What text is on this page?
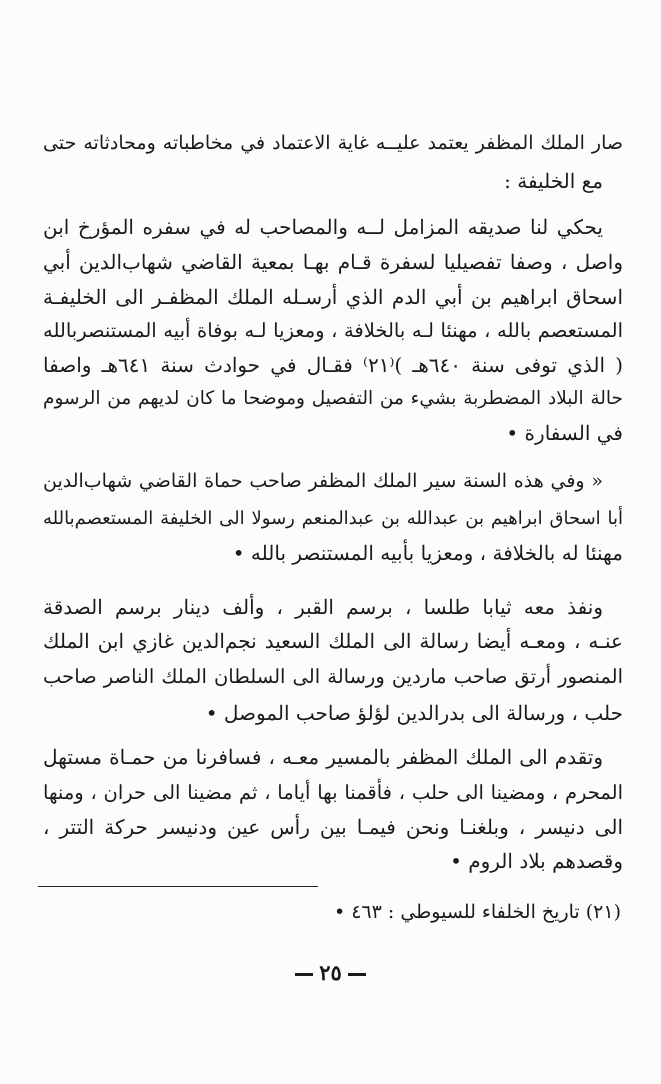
صار الملك المظفر يعتمد عليــه غاية الاعتماد في مخاطباته ومحادثاته حتى
مع الخليفة :
يحكي لنا صديقه المزامل لــه والمصاحب له في سفره المؤرخ ابن
واصل ، وصفا تفصيليا لسفرة قـام بهـا بمعية القاضي شهاب‌الدين أبي
اسحاق ابراهيم بن أبي الدم الذي أرسـله الملك المظفـر الى الخليفـة
المستعصم بالله ، مهنئا لـه بالخلافة ، ومعزيا لـه بوفاة أبيه المستنصربالله
( الذي توفى سنة ٦٤٠هـ )⁽٢١⁾ فقـال في حوادث سنة ٦٤١هـ واصفا
حالة البلاد المضطربة بشيء من التفصيل وموضحا ما كان لديهم من الرسوم
في السفارة •
« وفي هذه السنة سير الملك المظفر صاحب حماة القاضي شهاب‌الدين
أبا اسحاق ابراهيم بن عبدالله بن عبدالمنعم رسولا الى الخليفة المستعصم‌بالله
مهنئا له بالخلافة ، ومعزيا بأبيه المستنصر بالله •
ونفذ معه ثيابا طلسا ، برسم القبر ، وألف دينار برسم الصدقة
عنـه ، ومعـه أيضا رسالة الى الملك السعيد نجم‌الدين غازي ابن الملك
المنصور أرتق صاحب ماردين ورسالة الى السلطان الملك الناصر صاحب
حلب ، ورسالة الى بدرالدين لؤلؤ صاحب الموصل •
وتقدم الى الملك المظفر بالمسير معـه ، فسافرنا من حمـاة مستهل
المحرم ، ومضينا الى حلب ، فأقمنا بها أياما ، ثم مضينا الى حران ، ومنها
الى دنيسر ، وبلغنـا ونحن فيمـا بين رأس عين ودنيسر حركة التتر ،
وقصدهم بلاد الروم •
(٢١) تاريخ الخلفاء للسيوطي : ٤٦٣ •
٢٥
